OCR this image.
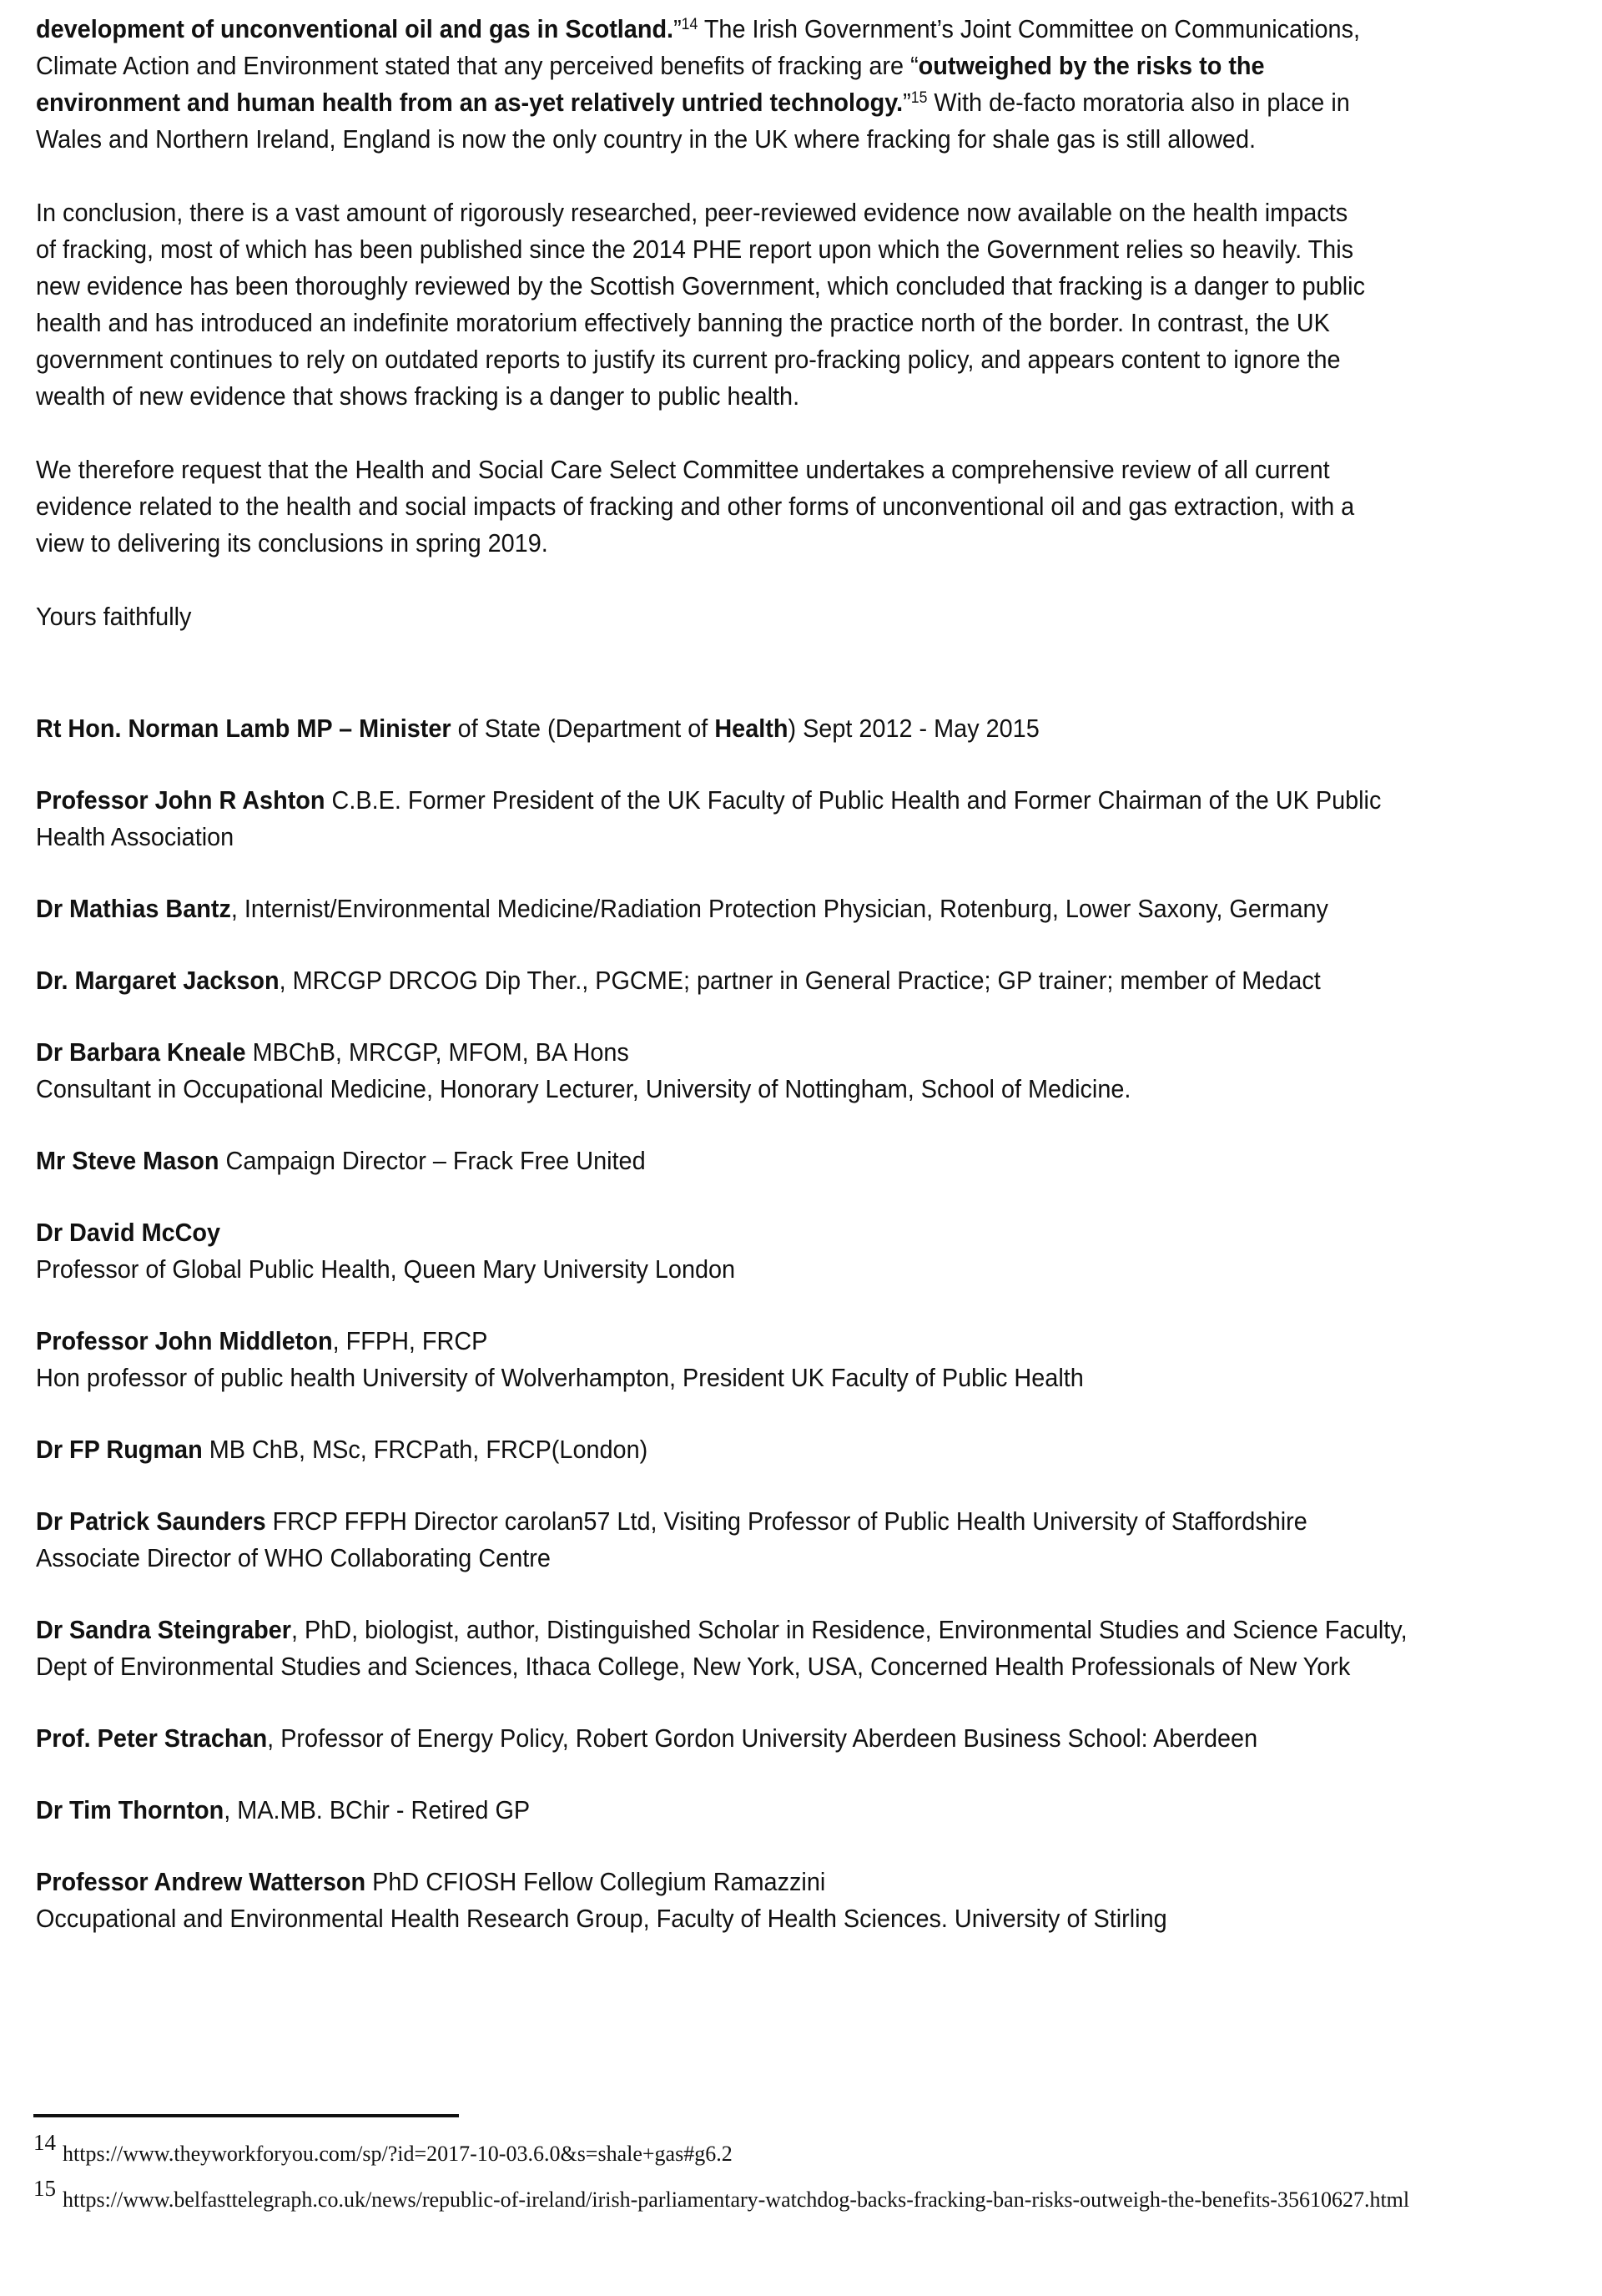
development of unconventional oil and gas in Scotland.”$^{14}$ The Irish Government’s Joint Committee on Communications,
Climate Action and Environment stated that any perceived benefits of fracking are “outweighed by the risks to the
environment and human health from an as-yet relatively untried technology.”$^{15}$ With de-facto moratoria also in place in
Wales and Northern Ireland, England is now the only country in the UK where fracking for shale gas is still allowed.
In conclusion, there is a vast amount of rigorously researched, peer-reviewed evidence now available on the health impacts
of fracking, most of which has been published since the 2014 PHE report upon which the Government relies so heavily. This
new evidence has been thoroughly reviewed by the Scottish Government, which concluded that fracking is a danger to public
health and has introduced an indefinite moratorium effectively banning the practice north of the border. In contrast, the UK
government continues to rely on outdated reports to justify its current pro-fracking policy, and appears content to ignore the
wealth of new evidence that shows fracking is a danger to public health.
We therefore request that the Health and Social Care Select Committee undertakes a comprehensive review of all current
evidence related to the health and social impacts of fracking and other forms of unconventional oil and gas extraction, with a
view to delivering its conclusions in spring 2019.
Yours faithfully
Rt Hon. Norman Lamb MP – Minister of State (Department of Health) Sept 2012 - May 2015
Professor John R Ashton C.B.E. Former President of the UK Faculty of Public Health and Former Chairman of the UK Public
Health Association
Dr Mathias Bantz, Internist/Environmental Medicine/Radiation Protection Physician, Rotenburg, Lower Saxony, Germany
Dr. Margaret Jackson, MRCGP DRCOG Dip Ther., PGCME; partner in General Practice; GP trainer; member of Medact
Dr Barbara Kneale MBChB, MRCGP, MFOM, BA Hons
Consultant in Occupational Medicine, Honorary Lecturer, University of Nottingham, School of Medicine.
Mr Steve Mason Campaign Director – Frack Free United
Dr David McCoy
Professor of Global Public Health, Queen Mary University London
Professor John Middleton, FFPH, FRCP
Hon professor of public health University of Wolverhampton, President UK Faculty of Public Health
Dr FP Rugman MB ChB, MSc, FRCPath, FRCP(London)
Dr Patrick Saunders FRCP FFPH Director carolan57 Ltd, Visiting Professor of Public Health University of Staffordshire
Associate Director of WHO Collaborating Centre
Dr Sandra Steingraber, PhD, biologist, author, Distinguished Scholar in Residence, Environmental Studies and Science Faculty,
Dept of Environmental Studies and Sciences, Ithaca College, New York, USA, Concerned Health Professionals of New York
Prof. Peter Strachan, Professor of Energy Policy, Robert Gordon University Aberdeen Business School: Aberdeen
Dr Tim Thornton, MA.MB. BChir - Retired GP
Professor Andrew Watterson PhD CFIOSH Fellow Collegium Ramazzini
Occupational and Environmental Health Research Group, Faculty of Health Sciences. University of Stirling
14 https://www.theyworkforyou.com/sp/?id=2017-10-03.6.0&s=shale+gas#g6.2
15 https://www.belfasttelegraph.co.uk/news/republic-of-ireland/irish-parliamentary-watchdog-backs-fracking-ban-risks-outweigh-the-benefits-35610627.html
